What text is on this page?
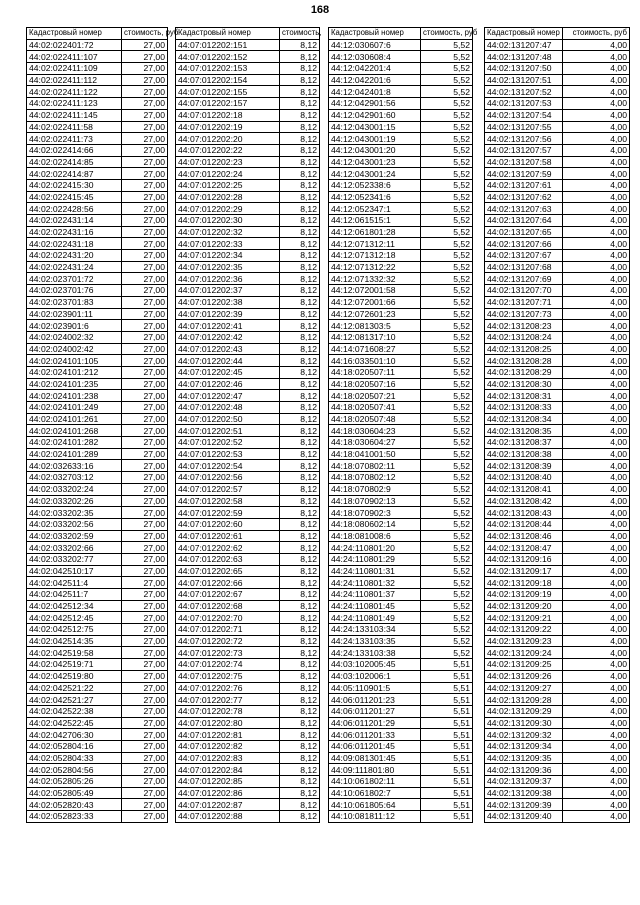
168
Кадастровый номер	стоимость, руб
44:02:022401:72	27,00
44:02:022411:107	27,00
44:02:022411:109	27,00
44:02:022411:112	27,00
44:02:022411:122	27,00
44:02:022411:123	27,00
44:02:022411:145	27,00
44:02:022411:58	27,00
44:02:022411:73	27,00
44:02:022414:66	27,00
44:02:022414:85	27,00
44:02:022414:87	27,00
44:02:022415:30	27,00
44:02:022415:45	27,00
44:02:022428:56	27,00
44:02:022431:14	27,00
44:02:022431:16	27,00
44:02:022431:18	27,00
44:02:022431:20	27,00
44:02:022431:24	27,00
44:02:023701:72	27,00
44:02:023701:76	27,00
44:02:023701:83	27,00
44:02:023901:11	27,00
44:02:023901:6	27,00
44:02:024002:32	27,00
44:02:024002:42	27,00
44:02:024101:105	27,00
44:02:024101:212	27,00
44:02:024101:235	27,00
44:02:024101:238	27,00
44:02:024101:249	27,00
44:02:024101:261	27,00
44:02:024101:268	27,00
44:02:024101:282	27,00
44:02:024101:289	27,00
44:02:032633:16	27,00
44:02:032703:12	27,00
44:02:033202:24	27,00
44:02:033202:26	27,00
44:02:033202:35	27,00
44:02:033202:56	27,00
44:02:033202:59	27,00
44:02:033202:66	27,00
44:02:033202:77	27,00
44:02:042510:17	27,00
44:02:042511:4	27,00
44:02:042511:7	27,00
44:02:042512:34	27,00
44:02:042512:45	27,00
44:02:042512:75	27,00
44:02:042514:35	27,00
44:02:042519:58	27,00
44:02:042519:71	27,00
44:02:042519:80	27,00
44:02:042521:22	27,00
44:02:042521:27	27,00
44:02:042522:38	27,00
44:02:042522:45	27,00
44:02:042706:30	27,00
44:02:052804:16	27,00
44:02:052804:33	27,00
44:02:052804:56	27,00
44:02:052805:26	27,00
44:02:052805:49	27,00
44:02:052820:43	27,00
44:02:052823:33	27,00
Кадастровый номер	стоимость,
44:07:012202:151	8,12
44:07:012202:152	8,12
44:07:012202:153	8,12
44:07:012202:154	8,12
44:07:012202:155	8,12
44:07:012202:157	8,12
44:07:012202:18	8,12
44:07:012202:19	8,12
44:07:012202:20	8,12
44:07:012202:22	8,12
44:07:012202:23	8,12
44:07:012202:24	8,12
44:07:012202:25	8,12
44:07:012202:28	8,12
44:07:012202:29	8,12
44:07:012202:30	8,12
44:07:012202:32	8,12
44:07:012202:33	8,12
44:07:012202:34	8,12
44:07:012202:35	8,12
44:07:012202:36	8,12
44:07:012202:37	8,12
44:07:012202:38	8,12
44:07:012202:39	8,12
44:07:012202:41	8,12
44:07:012202:42	8,12
44:07:012202:43	8,12
44:07:012202:44	8,12
44:07:012202:45	8,12
44:07:012202:46	8,12
44:07:012202:47	8,12
44:07:012202:48	8,12
44:07:012202:50	8,12
44:07:012202:51	8,12
44:07:012202:52	8,12
44:07:012202:53	8,12
44:07:012202:54	8,12
44:07:012202:56	8,12
44:07:012202:57	8,12
44:07:012202:58	8,12
44:07:012202:59	8,12
44:07:012202:60	8,12
44:07:012202:61	8,12
44:07:012202:62	8,12
44:07:012202:63	8,12
44:07:012202:65	8,12
44:07:012202:66	8,12
44:07:012202:67	8,12
44:07:012202:68	8,12
44:07:012202:70	8,12
44:07:012202:71	8,12
44:07:012202:72	8,12
44:07:012202:73	8,12
44:07:012202:74	8,12
44:07:012202:75	8,12
44:07:012202:76	8,12
44:07:012202:77	8,12
44:07:012202:78	8,12
44:07:012202:80	8,12
44:07:012202:81	8,12
44:07:012202:82	8,12
44:07:012202:83	8,12
44:07:012202:84	8,12
44:07:012202:85	8,12
44:07:012202:86	8,12
44:07:012202:87	8,12
44:07:012202:88	8,12
Кадастровый номер	стоимость, руб
44:12:030607:6	5,52
44:12:030608:4	5,52
44:12:042201:4	5,52
44:12:042201:6	5,52
44:12:042401:8	5,52
44:12:042901:56	5,52
44:12:042901:60	5,52
44:12:043001:15	5,52
44:12:043001:19	5,52
44:12:043001:20	5,52
44:12:043001:23	5,52
44:12:043001:24	5,52
44:12:052338:6	5,52
44:12:052341:6	5,52
44:12:052347:1	5,52
44:12:061515:1	5,52
44:12:061801:28	5,52
44:12:071312:11	5,52
44:12:071312:18	5,52
44:12:071312:22	5,52
44:12:071332:32	5,52
44:12:072001:58	5,52
44:12:072001:66	5,52
44:12:072601:23	5,52
44:12:081303:5	5,52
44:12:081317:10	5,52
44:14:071608:27	5,52
44:16:033501:10	5,52
44:18:020507:11	5,52
44:18:020507:16	5,52
44:18:020507:21	5,52
44:18:020507:41	5,52
44:18:020507:48	5,52
44:18:030604:23	5,52
44:18:030604:27	5,52
44:18:041001:50	5,52
44:18:070802:11	5,52
44:18:070802:12	5,52
44:18:070802:9	5,52
44:18:070902:13	5,52
44:18:070902:3	5,52
44:18:080602:14	5,52
44:18:081008:6	5,52
44:24:110801:20	5,52
44:24:110801:29	5,52
44:24:110801:31	5,52
44:24:110801:32	5,52
44:24:110801:37	5,52
44:24:110801:45	5,52
44:24:110801:49	5,52
44:24:133103:34	5,52
44:24:133103:35	5,52
44:24:133103:38	5,52
44:03:102005:45	5,51
44:03:102006:1	5,51
44:05:110901:5	5,51
44:06:011201:23	5,51
44:06:011201:27	5,51
44:06:011201:29	5,51
44:06:011201:33	5,51
44:06:011201:45	5,51
44:09:081301:45	5,51
44:09:111801:80	5,51
44:10:061802:11	5,51
44:10:061802:7	5,51
44:10:061805:64	5,51
44:10:081811:12	5,51
Кадастровый номер	стоимость, руб
44:02:131207:47	4,00
44:02:131207:48	4,00
44:02:131207:50	4,00
44:02:131207:51	4,00
44:02:131207:52	4,00
44:02:131207:53	4,00
44:02:131207:54	4,00
44:02:131207:55	4,00
44:02:131207:56	4,00
44:02:131207:57	4,00
44:02:131207:58	4,00
44:02:131207:59	4,00
44:02:131207:61	4,00
44:02:131207:62	4,00
44:02:131207:63	4,00
44:02:131207:64	4,00
44:02:131207:65	4,00
44:02:131207:66	4,00
44:02:131207:67	4,00
44:02:131207:68	4,00
44:02:131207:69	4,00
44:02:131207:70	4,00
44:02:131207:71	4,00
44:02:131207:73	4,00
44:02:131208:23	4,00
44:02:131208:24	4,00
44:02:131208:25	4,00
44:02:131208:28	4,00
44:02:131208:29	4,00
44:02:131208:30	4,00
44:02:131208:31	4,00
44:02:131208:33	4,00
44:02:131208:34	4,00
44:02:131208:35	4,00
44:02:131208:37	4,00
44:02:131208:38	4,00
44:02:131208:39	4,00
44:02:131208:40	4,00
44:02:131208:41	4,00
44:02:131208:42	4,00
44:02:131208:43	4,00
44:02:131208:44	4,00
44:02:131208:46	4,00
44:02:131208:47	4,00
44:02:131209:16	4,00
44:02:131209:17	4,00
44:02:131209:18	4,00
44:02:131209:19	4,00
44:02:131209:20	4,00
44:02:131209:21	4,00
44:02:131209:22	4,00
44:02:131209:23	4,00
44:02:131209:24	4,00
44:02:131209:25	4,00
44:02:131209:26	4,00
44:02:131209:27	4,00
44:02:131209:28	4,00
44:02:131209:29	4,00
44:02:131209:30	4,00
44:02:131209:32	4,00
44:02:131209:34	4,00
44:02:131209:35	4,00
44:02:131209:36	4,00
44:02:131209:37	4,00
44:02:131209:38	4,00
44:02:131209:39	4,00
44:02:131209:40	4,00
